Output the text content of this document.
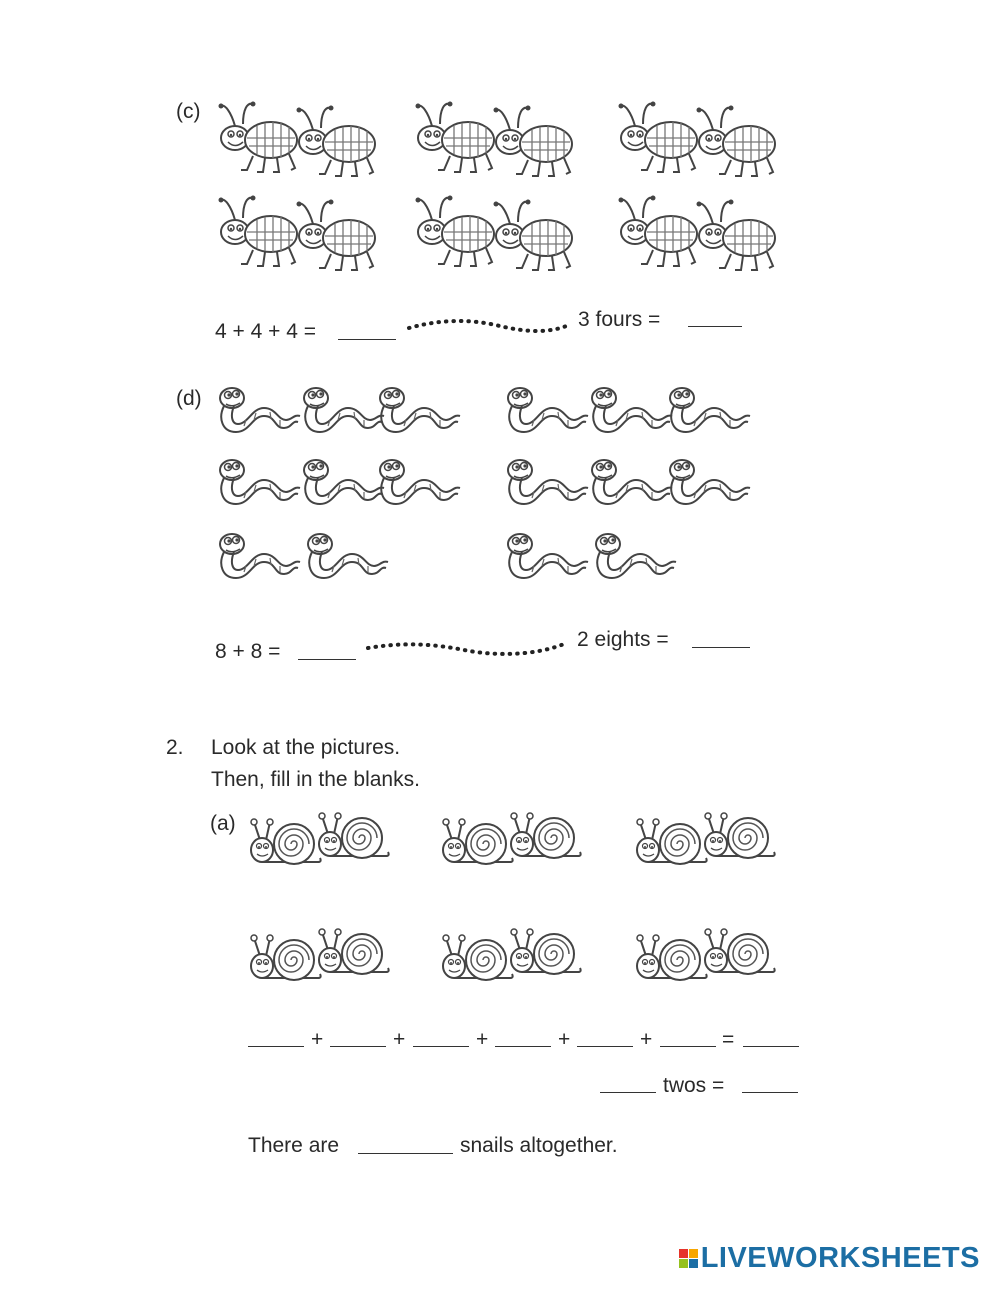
(c)
4 + 4 + 4 =
3 fours =
(d)
8 + 8 =
2 eights =
2. Look at the pictures.
Then, fill in the blanks.
(a)
+	+	+	+	+	=
twos =
There are	snails altogether.
LIVEWORKSHEETS
